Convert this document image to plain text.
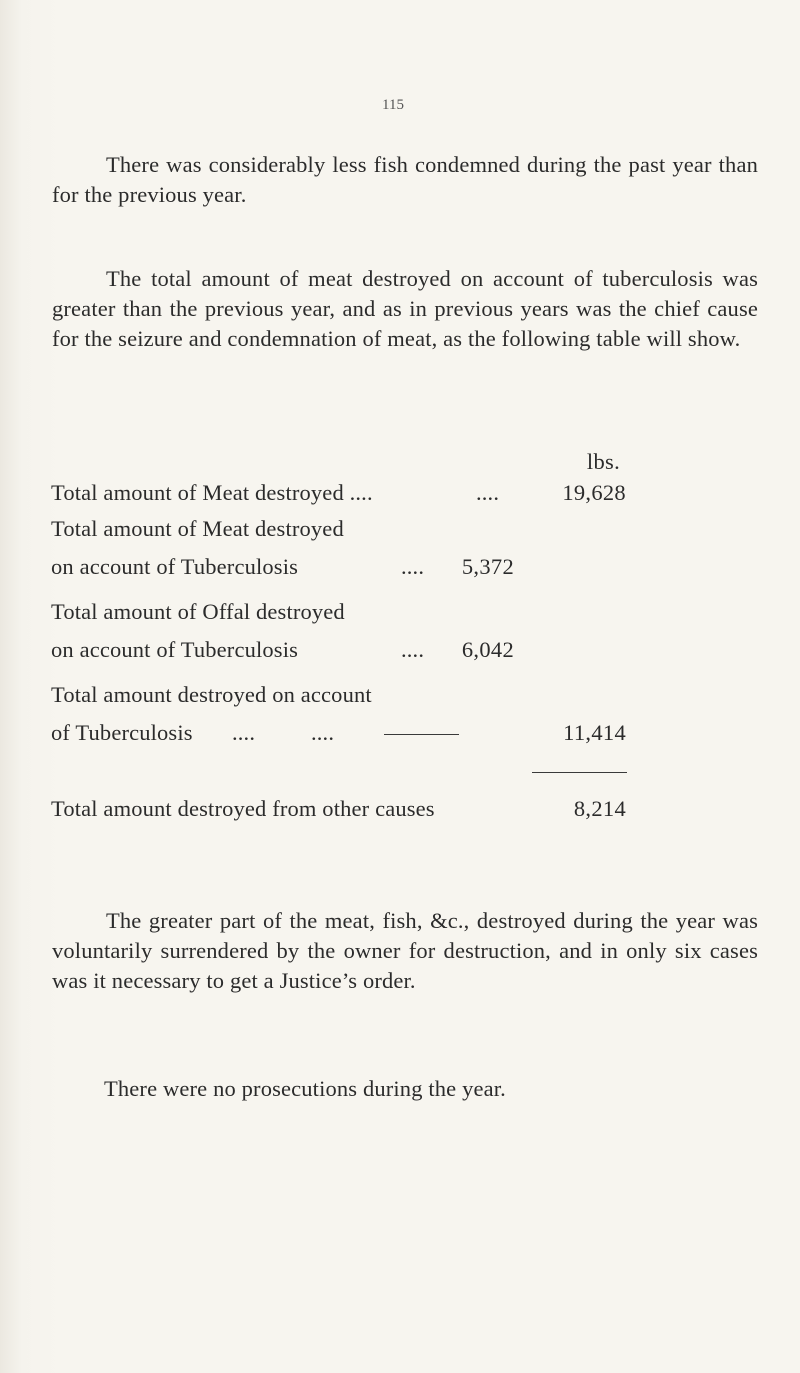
115
There was considerably less fish condemned during the past year than for the previous year.
The total amount of meat destroyed on account of tuberculosis was greater than the previous year, and as in previous years was the chief cause for the seizure and condemnation of meat, as the following table will show.
lbs.
Total amount of Meat destroyed ....	....	19,628
Total amount of Meat destroyed
on account of Tuberculosis	....	5,372
Total amount of Offal destroyed
on account of Tuberculosis	....	6,042
Total amount destroyed on account
of Tuberculosis .... ....	11,414
Total amount destroyed from other causes	8,214
The greater part of the meat, fish, &c., destroyed during the year was voluntarily surrendered by the owner for destruction, and in only six cases was it necessary to get a Justice’s order.
There were no prosecutions during the year.
